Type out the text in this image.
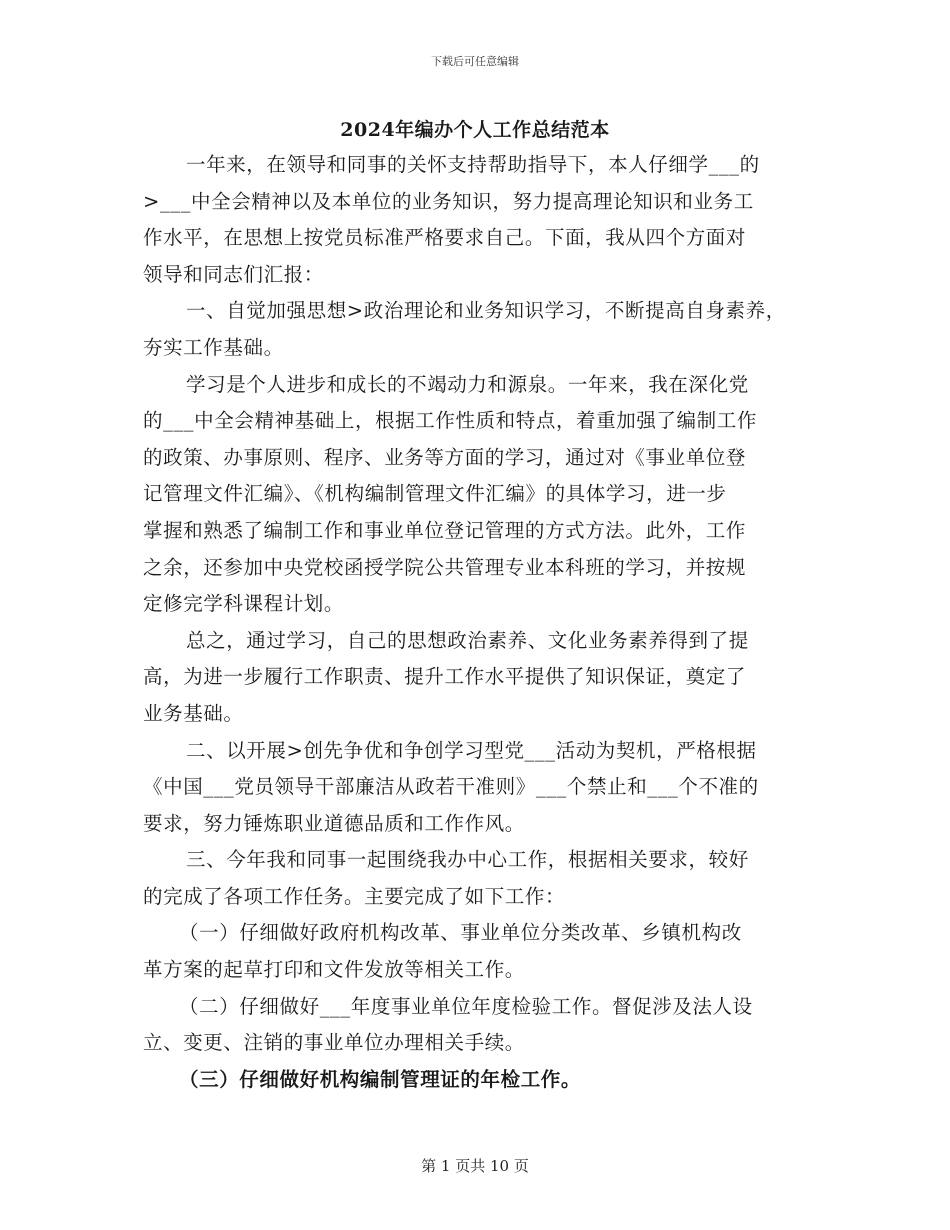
下载后可任意编辑
2024年编办个人工作总结范本
一年来，在领导和同事的关怀支持帮助指导下，本人仔细学___的
>___中全会精神以及本单位的业务知识，努力提高理论知识和业务工
作水平，在思想上按党员标准严格要求自己。下面，我从四个方面对
领导和同志们汇报：
一、自觉加强思想>政治理论和业务知识学习，不断提高自身素养，
夯实工作基础。
学习是个人进步和成长的不竭动力和源泉。一年来，我在深化党
的___中全会精神基础上，根据工作性质和特点，着重加强了编制工作
的政策、办事原则、程序、业务等方面的学习，通过对《事业单位登
记管理文件汇编》、《机构编制管理文件汇编》的具体学习，进一步
掌握和熟悉了编制工作和事业单位登记管理的方式方法。此外，工作
之余，还参加中央党校函授学院公共管理专业本科班的学习，并按规
定修完学科课程计划。
总之，通过学习，自己的思想政治素养、文化业务素养得到了提
高，为进一步履行工作职责、提升工作水平提供了知识保证，奠定了
业务基础。
二、以开展>创先争优和争创学习型党___活动为契机，严格根据
《中国___党员领导干部廉洁从政若干准则》___个禁止和___个不准的
要求，努力锤炼职业道德品质和工作作风。
三、今年我和同事一起围绕我办中心工作，根据相关要求，较好
的完成了各项工作任务。主要完成了如下工作：
（一）仔细做好政府机构改革、事业单位分类改革、乡镇机构改
革方案的起草打印和文件发放等相关工作。
（二）仔细做好___年度事业单位年度检验工作。督促涉及法人设
立、变更、注销的事业单位办理相关手续。
（三）仔细做好机构编制管理证的年检工作。
第 1 页共 10 页
